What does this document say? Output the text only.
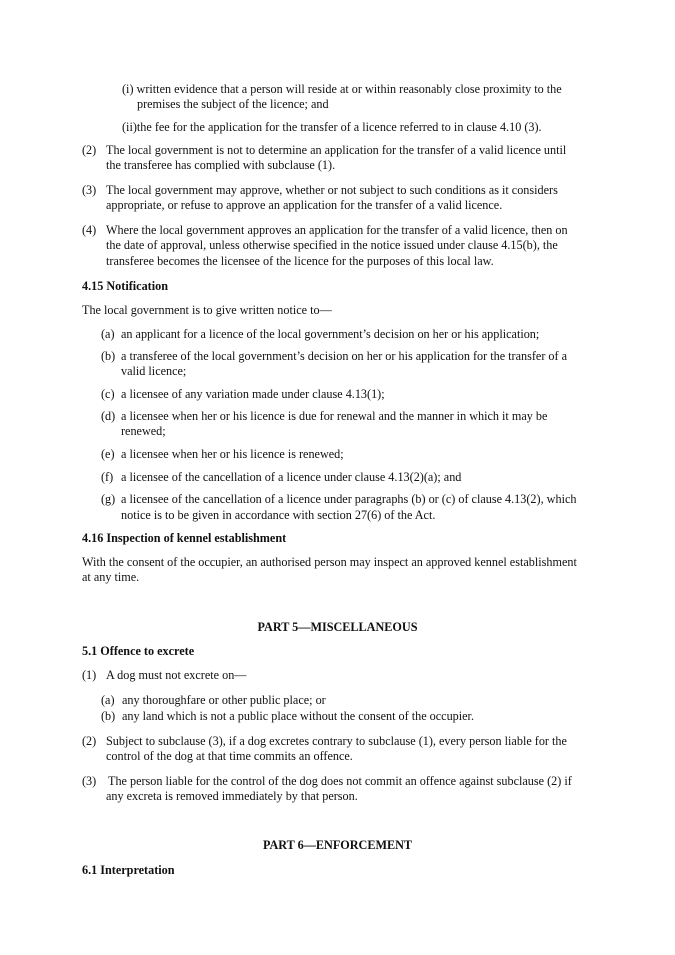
(i) written evidence that a person will reside at or within reasonably close proximity to the
premises the subject of the licence; and
(ii)the fee for the application for the transfer of a licence referred to in clause 4.10 (3).
(2) The local government is not to determine an application for the transfer of a valid licence until
the transferee has complied with subclause (1).
(3) The local government may approve, whether or not subject to such conditions as it considers
appropriate, or refuse to approve an application for the transfer of a valid licence.
(4) Where the local government approves an application for the transfer of a valid licence, then on
the date of approval, unless otherwise specified in the notice issued under clause 4.15(b), the
transferee becomes the licensee of the licence for the purposes of this local law.
4.15 Notification
The local government is to give written notice to—
(a) an applicant for a licence of the local government’s decision on her or his application;
(b) a transferee of the local government’s decision on her or his application for the transfer of a
valid licence;
(c) a licensee of any variation made under clause 4.13(1);
(d) a licensee when her or his licence is due for renewal and the manner in which it may be
renewed;
(e) a licensee when her or his licence is renewed;
(f) a licensee of the cancellation of a licence under clause 4.13(2)(a); and
(g) a licensee of the cancellation of a licence under paragraphs (b) or (c) of clause 4.13(2), which
notice is to be given in accordance with section 27(6) of the Act.
4.16 Inspection of kennel establishment
With the consent of the occupier, an authorised person may inspect an approved kennel establishment
at any time.
PART 5—MISCELLANEOUS
5.1 Offence to excrete
(1) A dog must not excrete on—
(a) any thoroughfare or other public place; or
(b) any land which is not a public place without the consent of the occupier.
(2) Subject to subclause (3), if a dog excretes contrary to subclause (1), every person liable for the
control of the dog at that time commits an offence.
(3) The person liable for the control of the dog does not commit an offence against subclause (2) if
any excreta is removed immediately by that person.
PART 6—ENFORCEMENT
6.1 Interpretation
